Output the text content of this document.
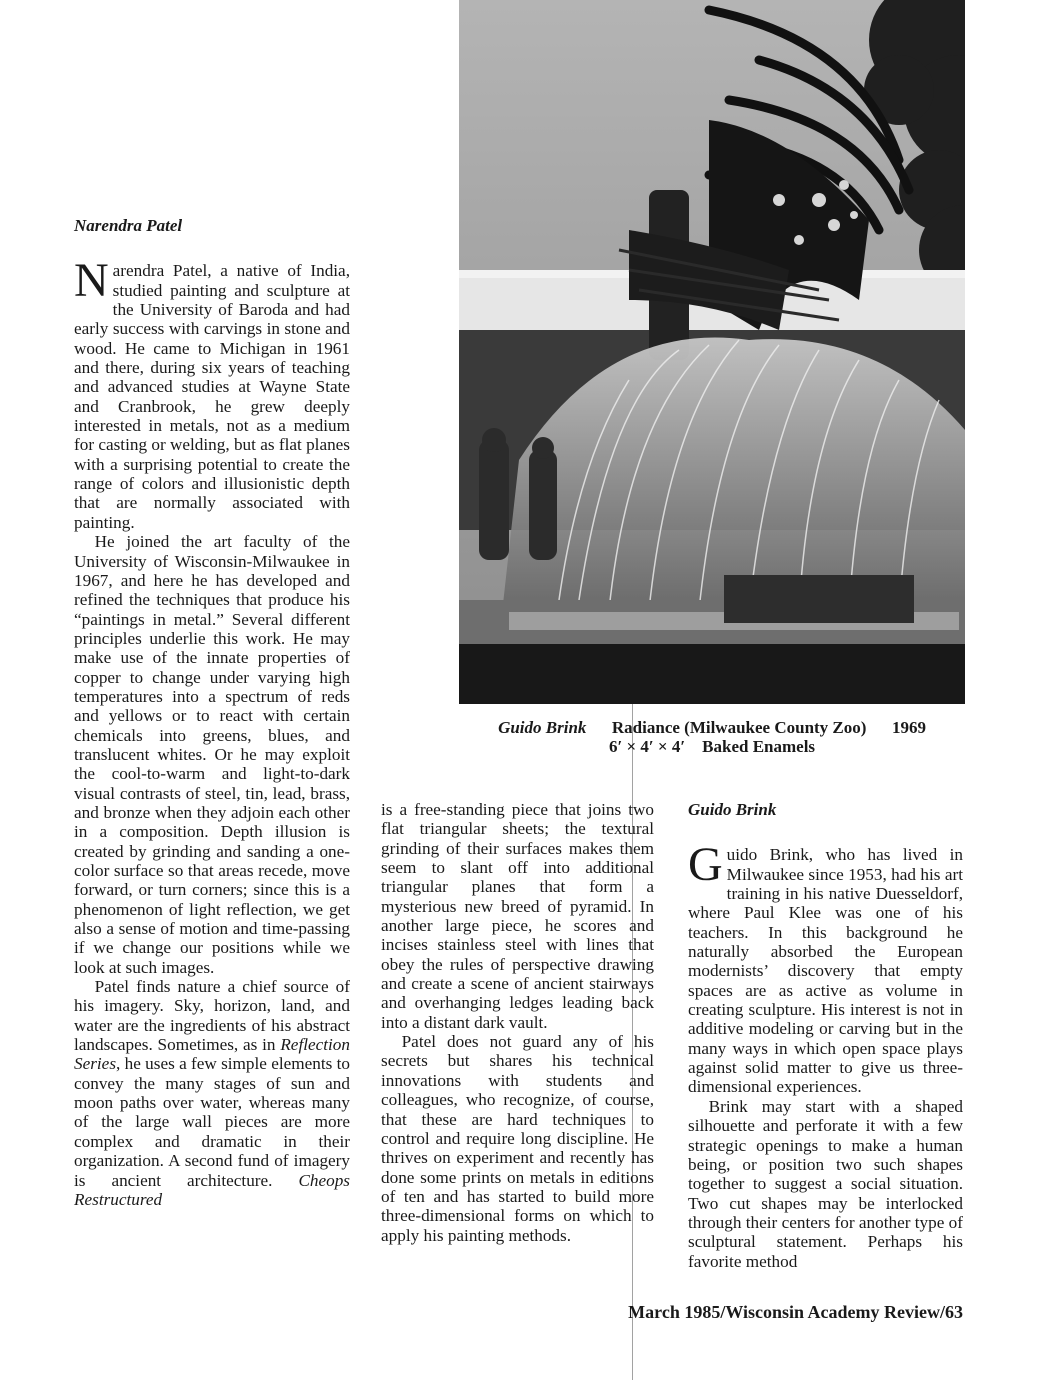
Guido Brink Radiance (Milwaukee County Zoo) 1969
6′ × 4′ × 4′ Baked Enamels
Narendra Patel

Narendra Patel, a native of India, studied painting and sculpture at the University of Baroda and had early success with carvings in stone and wood. He came to Michigan in 1961 and there, during six years of teaching and advanced studies at Wayne State and Cranbrook, he grew deeply interested in metals, not as a medium for casting or welding, but as flat planes with a surprising potential to create the range of colors and illusionistic depth that are normally associated with painting.

He joined the art faculty of the University of Wisconsin-Milwaukee in 1967, and here he has developed and refined the techniques that produce his “paintings in metal.” Several different principles underlie this work. He may make use of the innate properties of copper to change under varying high temperatures into a spectrum of reds and yellows or to react with certain chemicals into greens, blues, and translucent whites. Or he may exploit the cool-to-warm and light-to-dark visual contrasts of steel, tin, lead, brass, and bronze when they adjoin each other in a composition. Depth illusion is created by grinding and sanding a one-color surface so that areas recede, move forward, or turn corners; since this is a phenomenon of light reflection, we get also a sense of motion and time-passing if we change our positions while we look at such images.

Patel finds nature a chief source of his imagery. Sky, horizon, land, and water are the ingredients of his abstract landscapes. Sometimes, as in Reflection Series, he uses a few simple elements to convey the many stages of sun and moon paths over water, whereas many of the large wall pieces are more complex and dramatic in their organization. A second fund of imagery is ancient architecture. Cheops Restructured

is a free-standing piece that joins two flat triangular sheets; the textural grinding of their surfaces makes them seem to slant off into additional triangular planes that form a mysterious new breed of pyramid. In another large piece, he scores and incises stainless steel with lines that obey the rules of perspective drawing and create a scene of ancient stairways and overhanging ledges leading back into a distant dark vault.

Patel does not guard any of his secrets but shares his technical innovations with students and colleagues, who recognize, of course, that these are hard techniques to control and require long discipline. He thrives on experiment and recently has done some prints on metals in editions of ten and has started to build more three-dimensional forms on which to apply his painting methods.

Guido Brink

Guido Brink, who has lived in Milwaukee since 1953, had his art training in his native Duesseldorf, where Paul Klee was one of his teachers. In this background he naturally absorbed the European modernists’ discovery that empty spaces are as active as volume in creating sculpture. His interest is not in additive modeling or carving but in the many ways in which open space plays against solid matter to give us three-dimensional experiences.

Brink may start with a shaped silhouette and perforate it with a few strategic openings to make a human being, or position two such shapes together to suggest a social situation. Two cut shapes may be interlocked through their centers for another type of sculptural statement. Perhaps his favorite method

March 1985/Wisconsin Academy Review/63
